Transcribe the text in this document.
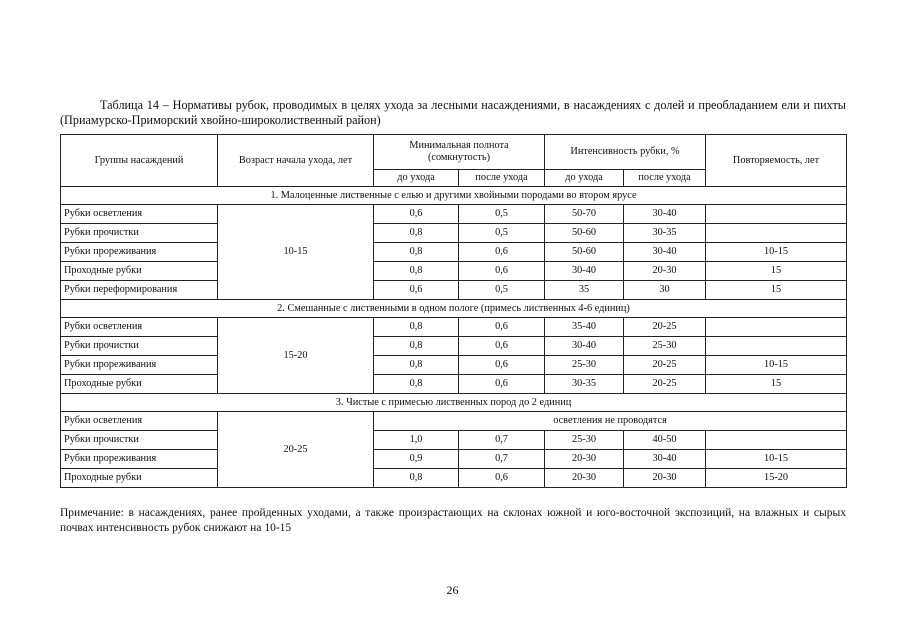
Таблица 14 – Нормативы рубок, проводимых в целях ухода за лесными насаждениями, в насаждениях с долей и преобладанием ели и пихты (Приамурско-Приморский хвойно-широколиственный район)
Группы насаждений	Возраст начала ухода, лет	Минимальная полнота (сомкнутость)		Интенсивность рубки, %		Повторяемость, лет
		до ухода	после ухода	до ухода	после ухода	
1. Малоценные лиственные с елью и другими хвойными породами во втором ярусе						
Рубки осветления	10-15	0,6	0,5	50-70	30-40	
Рубки прочистки		0,8	0,5	50-60	30-35	
Рубки прореживания		0,8	0,6	50-60	30-40	10-15
Проходные рубки		0,8	0,6	30-40	20-30	15
Рубки переформирования		0,6	0,5	35	30	15
2. Смешанные с лиственными в одном пологе (примесь лиственных 4-6 единиц)						
Рубки осветления	15-20	0,8	0,6	35-40	20-25	
Рубки прочистки		0,8	0,6	30-40	25-30	
Рубки прореживания		0,8	0,6	25-30	20-25	10-15
Проходные рубки		0,8	0,6	30-35	20-25	15
3. Чистые с примесью лиственных пород до 2 единиц						
Рубки осветления	20-25	осветления не проводятся				
Рубки прочистки		1,0	0,7	25-30	40-50	
Рубки прореживания		0,9	0,7	20-30	30-40	10-15
Проходные рубки		0,8	0,6	20-30	20-30	15-20
Примечание: в насаждениях, ранее пройденных уходами, а также произрастающих на склонах южной и юго-восточной экспозиций, на влажных и сырых почвах интенсивность рубок снижают на 10-15
26
